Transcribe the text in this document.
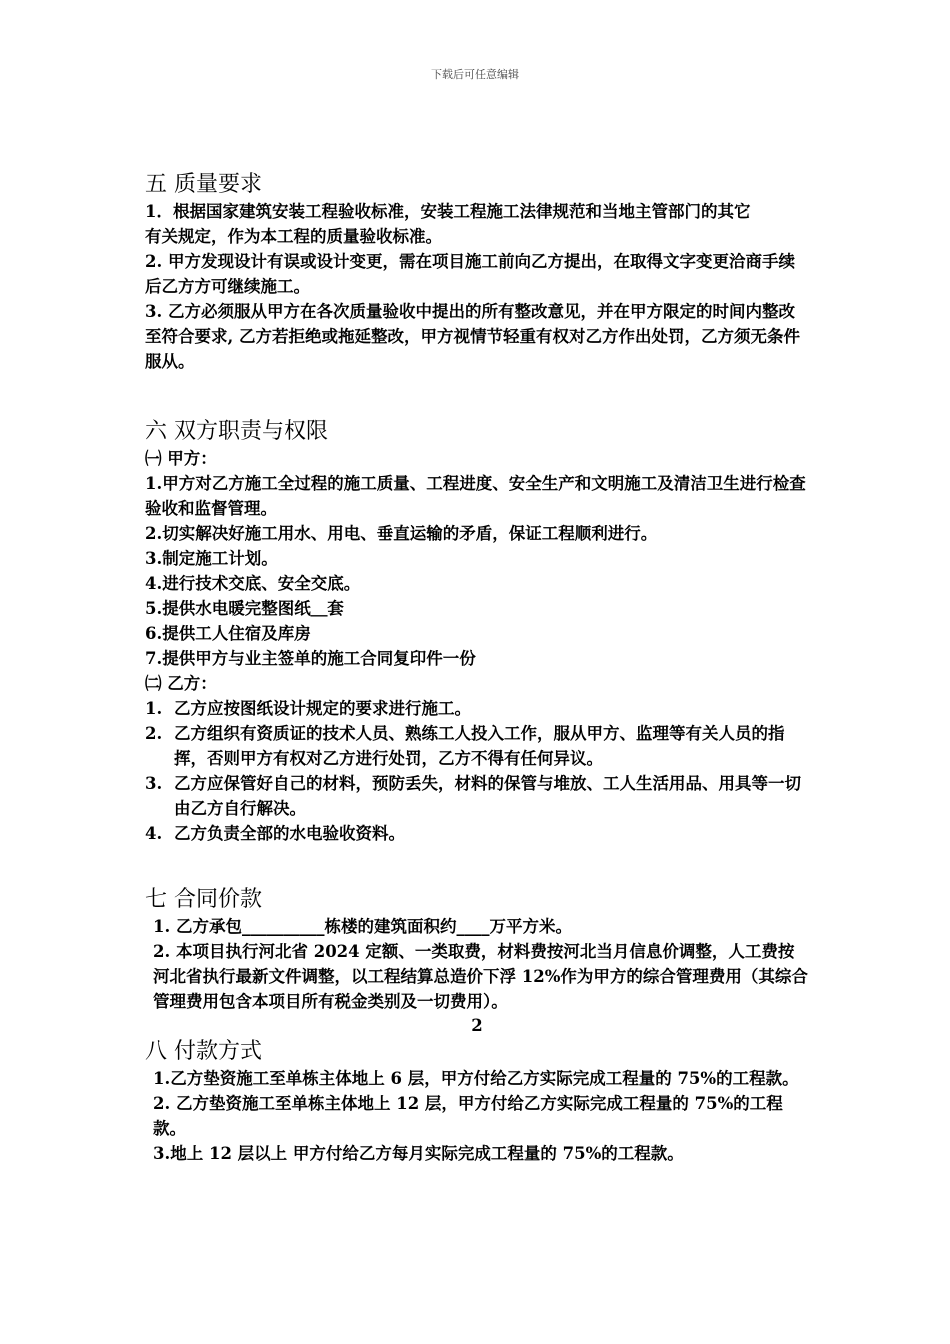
下载后可任意编辑
五 质量要求

1．根据国家建筑安装工程验收标准，安装工程施工法律规范和当地主管部门的其它

有关规定，作为本工程的质量验收标准。

2. 甲方发现设计有误或设计变更，需在项目施工前向乙方提出，在取得文字变更洽商手续后乙方方可继续施工。

3. 乙方必须服从甲方在各次质量验收中提出的所有整改意见，并在甲方限定的时间内整改至符合要求, 乙方若拒绝或拖延整改，甲方视情节轻重有权对乙方作出处罚，乙方须无条件服从。

六 双方职责与权限

㈠ 甲方：

1.甲方对乙方施工全过程的施工质量、工程进度、安全生产和文明施工及清洁卫生进行检查验收和监督管理。

2.切实解决好施工用水、用电、垂直运输的矛盾，保证工程顺利进行。

3.制定施工计划。

4.进行技术交底、安全交底。

5.提供水电暖完整图纸＿套

6.提供工人住宿及库房

7.提供甲方与业主签单的施工合同复印件一份

㈡ 乙方：

1. 乙方应按图纸设计规定的要求进行施工。
2. 乙方组织有资质证的技术人员、熟练工人投入工作，服从甲方、监理等有关人员的指挥，否则甲方有权对乙方进行处罚，乙方不得有任何异议。
3. 乙方应保管好自己的材料，预防丢失，材料的保管与堆放、工人生活用品、用具等一切由乙方自行解决。
4. 乙方负责全部的水电验收资料。
七 合同价款

1. 乙方承包__________栋楼的建筑面积约____万平方米。

2. 本项目执行河北省 2024 定额、一类取费，材料费按河北当月信息价调整，人工费按河北省执行最新文件调整，以工程结算总造价下浮 12%作为甲方的综合管理费用（其综合管理费用包含本项目所有税金类别及一切费用）。

2
八 付款方式

1.乙方垫资施工至单栋主体地上 6 层，甲方付给乙方实际完成工程量的 75%的工程款。

2. 乙方垫资施工至单栋主体地上 12 层，甲方付给乙方实际完成工程量的 75%的工程款。

3.地上 12 层以上 甲方付给乙方每月实际完成工程量的 75%的工程款。
